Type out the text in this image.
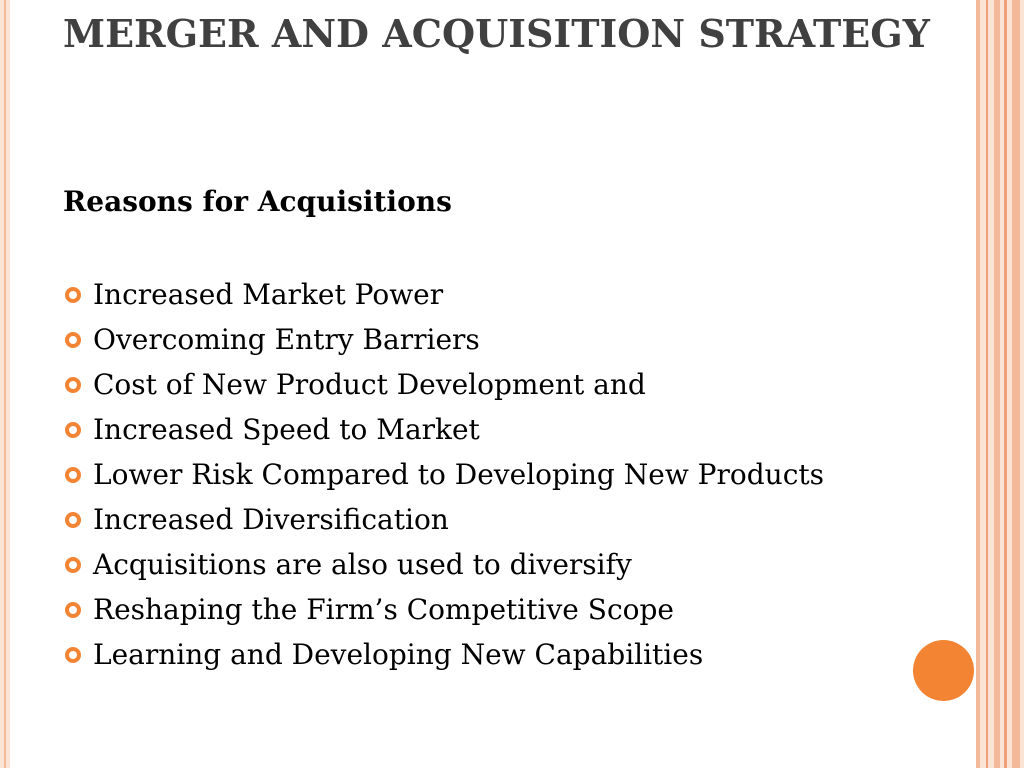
MERGER AND ACQUISITION STRATEGY
Reasons for Acquisitions
Increased Market Power
Overcoming Entry Barriers
Cost of New Product Development and
Increased Speed to Market
Lower Risk Compared to Developing New Products
Increased Diversification
Acquisitions are also used to diversify
Reshaping the Firm’s Competitive Scope
Learning and Developing New Capabilities
